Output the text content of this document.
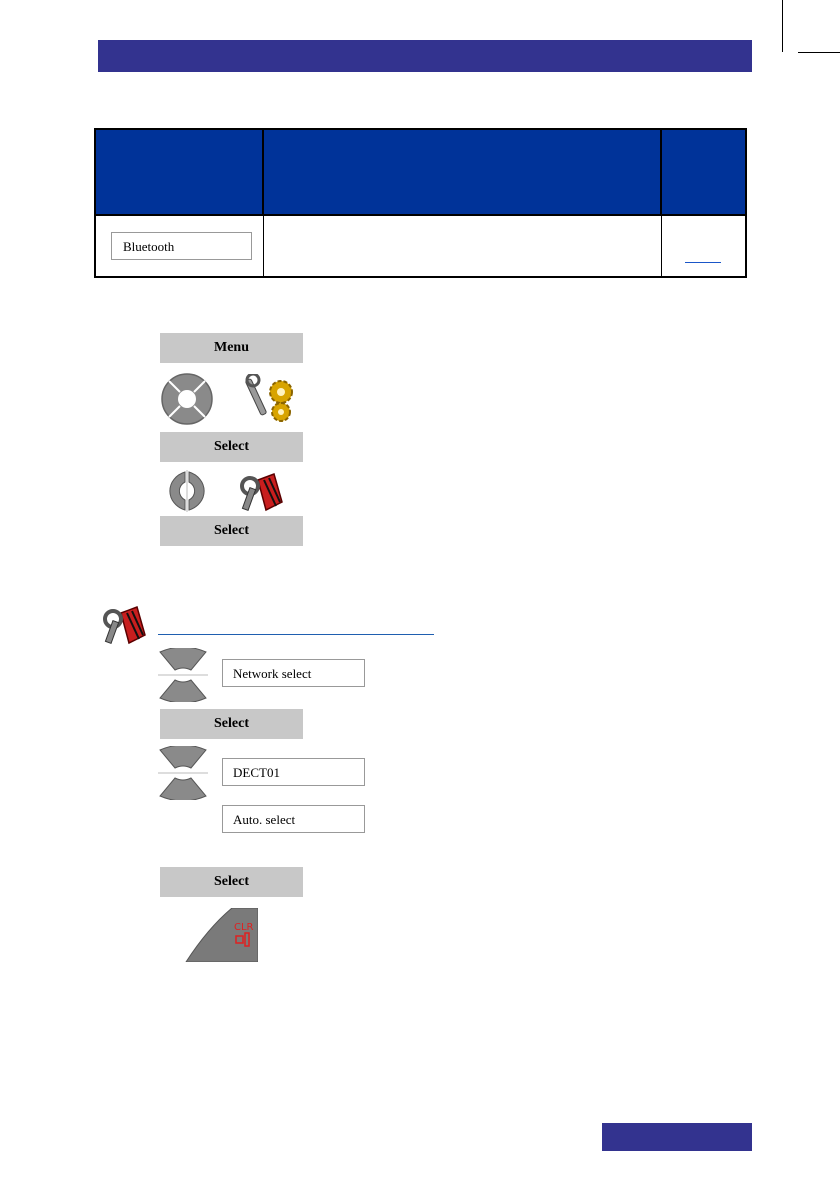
Bluetooth		

Menu
Select
Select
Network select
Select
DECT01
Auto. select
Select
CLR
